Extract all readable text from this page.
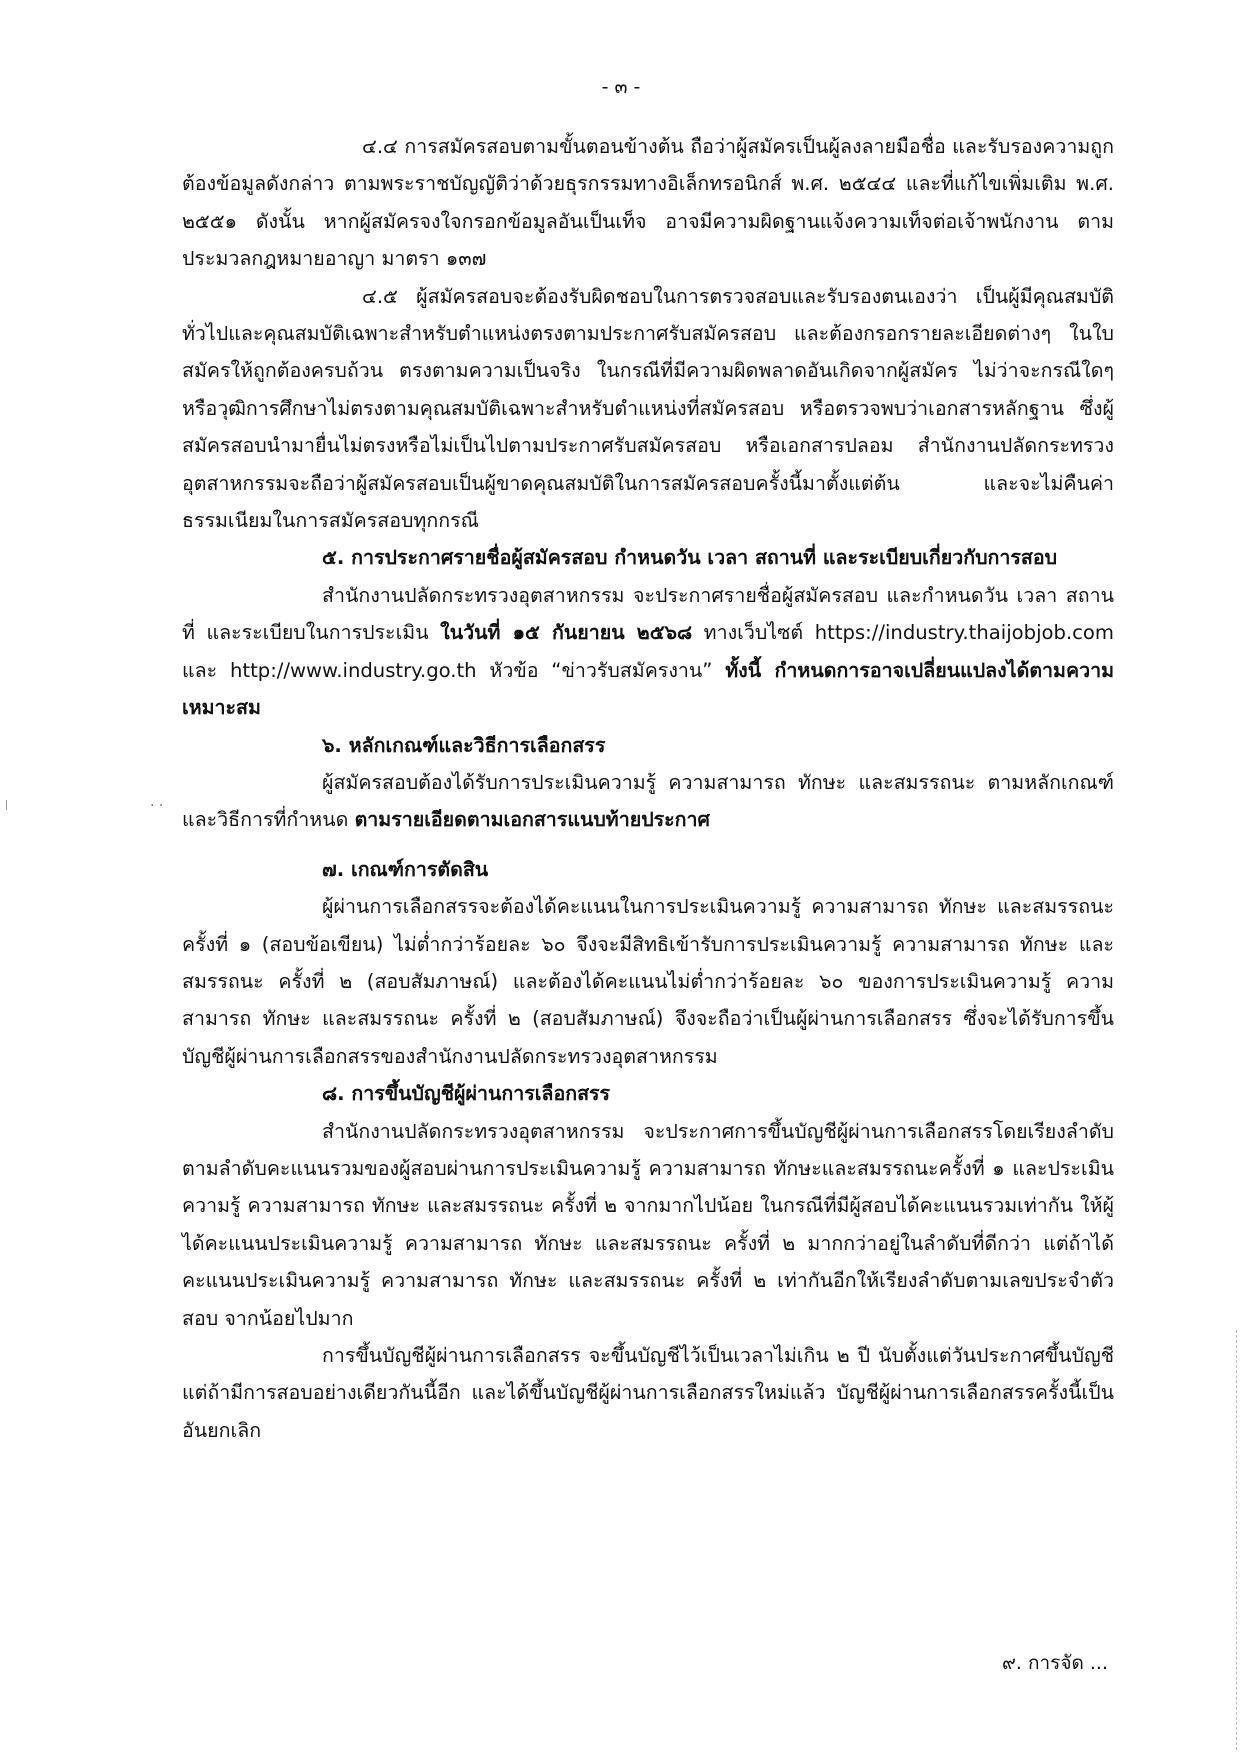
- ๓ -

๔.๔ การสมัครสอบตามขั้นตอนข้างต้น ถือว่าผู้สมัครเป็นผู้ลงลายมือชื่อ และรับรองความถูกต้องข้อมูลดังกล่าว ตามพระราชบัญญัติว่าด้วยธุรกรรมทางอิเล็กทรอนิกส์ พ.ศ. ๒๕๔๔ และที่แก้ไขเพิ่มเติม พ.ศ. ๒๕๕๑ ดังนั้น หากผู้สมัครจงใจกรอกข้อมูลอันเป็นเท็จ อาจมีความผิดฐานแจ้งความเท็จต่อเจ้าพนักงาน ตามประมวลกฎหมายอาญา มาตรา ๑๓๗

๔.๕ ผู้สมัครสอบจะต้องรับผิดชอบในการตรวจสอบและรับรองตนเองว่า เป็นผู้มีคุณสมบัติทั่วไปและคุณสมบัติเฉพาะสำหรับตำแหน่งตรงตามประกาศรับสมัครสอบ และต้องกรอกรายละเอียดต่างๆ ในใบสมัครให้ถูกต้องครบถ้วน ตรงตามความเป็นจริง ในกรณีที่มีความผิดพลาดอันเกิดจากผู้สมัคร ไม่ว่าจะกรณีใดๆ หรือวุฒิการศึกษาไม่ตรงตามคุณสมบัติเฉพาะสำหรับตำแหน่งที่สมัครสอบ หรือตรวจพบว่าเอกสารหลักฐาน ซึ่งผู้สมัครสอบนำมายื่นไม่ตรงหรือไม่เป็นไปตามประกาศรับสมัครสอบ หรือเอกสารปลอม สำนักงานปลัดกระทรวงอุตสาหกรรมจะถือว่าผู้สมัครสอบเป็นผู้ขาดคุณสมบัติในการสมัครสอบครั้งนี้มาตั้งแต่ต้น และจะไม่คืนค่าธรรมเนียมในการสมัครสอบทุกกรณี

๕. การประกาศรายชื่อผู้สมัครสอบ กำหนดวัน เวลา สถานที่ และระเบียบเกี่ยวกับการสอบ

สำนักงานปลัดกระทรวงอุตสาหกรรม จะประกาศรายชื่อผู้สมัครสอบ และกำหนดวัน เวลา สถานที่ และระเบียบในการประเมิน ในวันที่ ๑๕ กันยายน ๒๕๖๘ ทางเว็บไซต์ https://industry.thaijobjob.com และ http://www.industry.go.th หัวข้อ “ข่าวรับสมัครงาน” ทั้งนี้ กำหนดการอาจเปลี่ยนแปลงได้ตามความเหมาะสม

๖. หลักเกณฑ์และวิธีการเลือกสรร

ผู้สมัครสอบต้องได้รับการประเมินความรู้ ความสามารถ ทักษะ และสมรรถนะ ตามหลักเกณฑ์และวิธีการที่กำหนด ตามรายเอียดตามเอกสารแนบท้ายประกาศ

๗. เกณฑ์การตัดสิน

ผู้ผ่านการเลือกสรรจะต้องได้คะแนนในการประเมินความรู้ ความสามารถ ทักษะ และสมรรถนะ ครั้งที่ ๑ (สอบข้อเขียน) ไม่ต่ำกว่าร้อยละ ๖๐ จึงจะมีสิทธิเข้ารับการประเมินความรู้ ความสามารถ ทักษะ และสมรรถนะ ครั้งที่ ๒ (สอบสัมภาษณ์) และต้องได้คะแนนไม่ต่ำกว่าร้อยละ ๖๐ ของการประเมินความรู้ ความสามารถ ทักษะ และสมรรถนะ ครั้งที่ ๒ (สอบสัมภาษณ์) จึงจะถือว่าเป็นผู้ผ่านการเลือกสรร ซึ่งจะได้รับการขึ้นบัญชีผู้ผ่านการเลือกสรรของสำนักงานปลัดกระทรวงอุตสาหกรรม

๘. การขึ้นบัญชีผู้ผ่านการเลือกสรร

สำนักงานปลัดกระทรวงอุตสาหกรรม จะประกาศการขึ้นบัญชีผู้ผ่านการเลือกสรรโดยเรียงลำดับตามลำดับคะแนนรวมของผู้สอบผ่านการประเมินความรู้ ความสามารถ ทักษะและสมรรถนะครั้งที่ ๑ และประเมินความรู้ ความสามารถ ทักษะ และสมรรถนะ ครั้งที่ ๒ จากมากไปน้อย ในกรณีที่มีผู้สอบได้คะแนนรวมเท่ากัน ให้ผู้ได้คะแนนประเมินความรู้ ความสามารถ ทักษะ และสมรรถนะ ครั้งที่ ๒ มากกว่าอยู่ในลำดับที่ดีกว่า แต่ถ้าได้คะแนนประเมินความรู้ ความสามารถ ทักษะ และสมรรถนะ ครั้งที่ ๒ เท่ากันอีกให้เรียงลำดับตามเลขประจำตัวสอบ จากน้อยไปมาก

การขึ้นบัญชีผู้ผ่านการเลือกสรร จะขึ้นบัญชีไว้เป็นเวลาไม่เกิน ๒ ปี นับตั้งแต่วันประกาศขึ้นบัญชี แต่ถ้ามีการสอบอย่างเดียวกันนี้อีก และได้ขึ้นบัญชีผู้ผ่านการเลือกสรรใหม่แล้ว บัญชีผู้ผ่านการเลือกสรรครั้งนี้เป็นอันยกเลิก

๙. การจัด ...
. .
